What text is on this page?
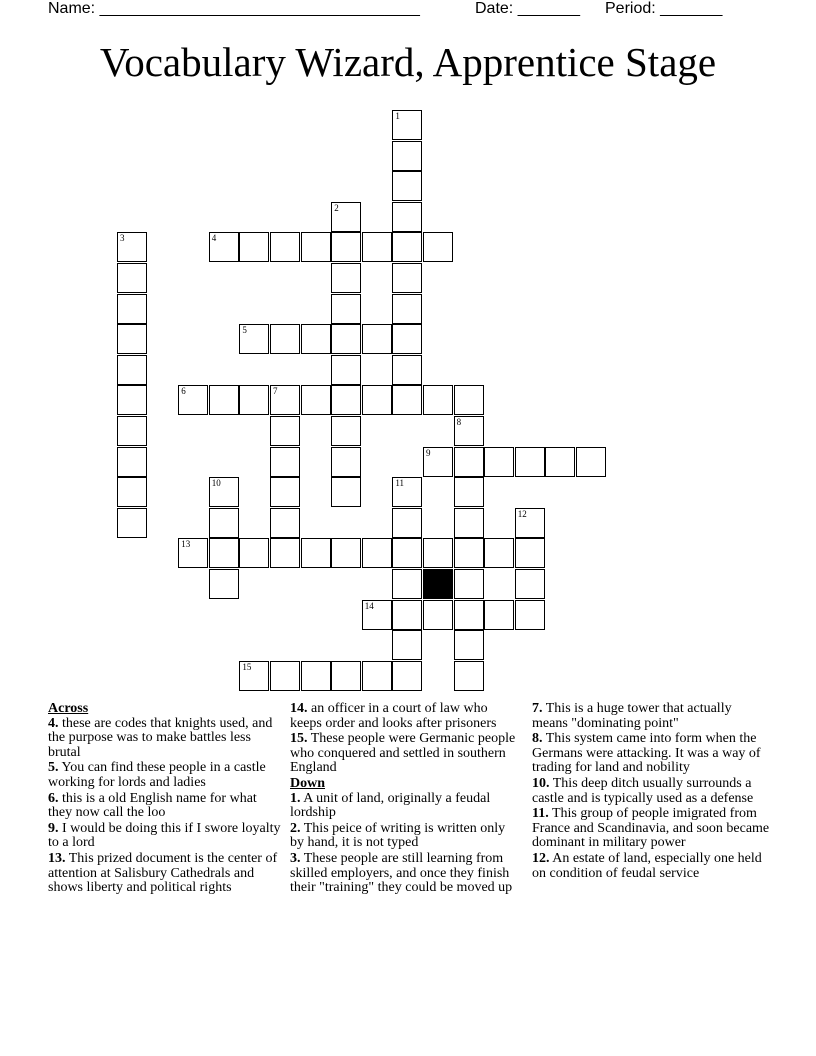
Name: ____________________________________	Date: _______ Period: _______
Vocabulary Wizard, Apprentice Stage
1
2
3	4
5
6	7
8
9
10	11
12
13
14
15
Across
4. these are codes that knights used, and the purpose was to make battles less brutal
5. You can find these people in a castle working for lords and ladies
6. this is a old English name for what they now call the loo
9. I would be doing this if I swore loyalty to a lord
13. This prized document is the center of attention at Salisbury Cathedrals and shows liberty and political rights
14. an officer in a court of law who keeps order and looks after prisoners
15. These people were Germanic people who conquered and settled in southern England
Down
1. A unit of land, originally a feudal lordship
2. This peice of writing is written only by hand, it is not typed
3. These people are still learning from skilled employers, and once they finish their "training" they could be moved up
7. This is a huge tower that actually means "dominating point"
8. This system came into form when the Germans were attacking. It was a way of trading for land and nobility
10. This deep ditch usually surrounds a castle and is typically used as a defense
11. This group of people imigrated from France and Scandinavia, and soon became dominant in military power
12. An estate of land, especially one held on condition of feudal service
